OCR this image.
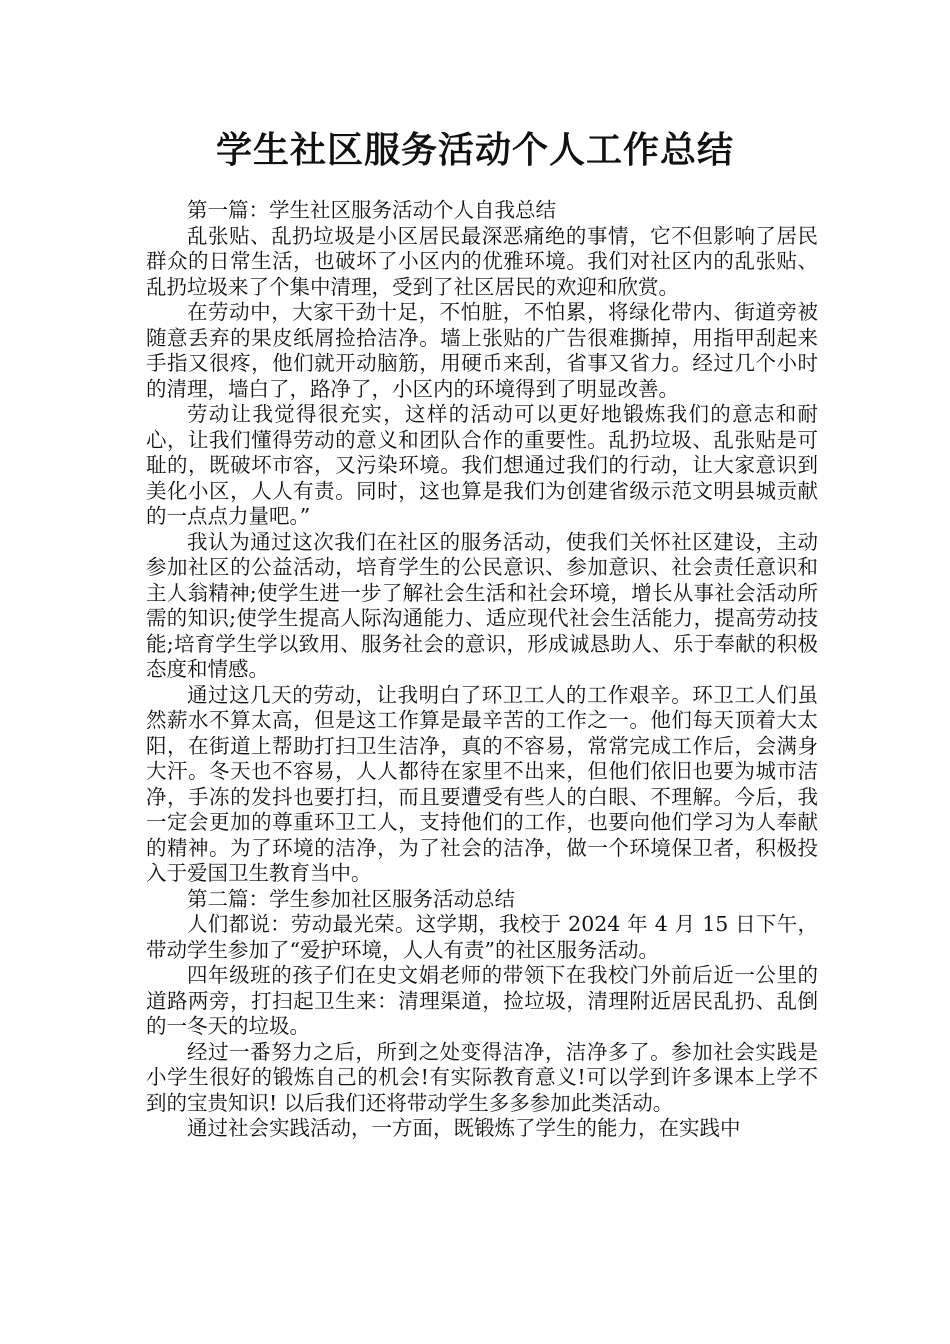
学生社区服务活动个人工作总结

第一篇：学生社区服务活动个人自我总结

乱张贴、乱扔垃圾是小区居民最深恶痛绝的事情，它不但影响了居民群众的日常生活，也破坏了小区内的优雅环境。我们对社区内的乱张贴、乱扔垃圾来了个集中清理，受到了社区居民的欢迎和欣赏。

在劳动中，大家干劲十足，不怕脏，不怕累，将绿化带内、街道旁被随意丢弃的果皮纸屑捡拾洁净。墙上张贴的广告很难撕掉，用指甲刮起来手指又很疼，他们就开动脑筋，用硬币来刮，省事又省力。经过几个小时的清理，墙白了，路净了，小区内的环境得到了明显改善。

劳动让我觉得很充实，这样的活动可以更好地锻炼我们的意志和耐心，让我们懂得劳动的意义和团队合作的重要性。乱扔垃圾、乱张贴是可耻的，既破坏市容，又污染环境。我们想通过我们的行动，让大家意识到美化小区，人人有责。同时，这也算是我们为创建省级示范文明县城贡献的一点点力量吧。”

我认为通过这次我们在社区的服务活动，使我们关怀社区建设，主动参加社区的公益活动，培育学生的公民意识、参加意识、社会责任意识和主人翁精神;使学生进一步了解社会生活和社会环境，增长从事社会活动所需的知识;使学生提高人际沟通能力、适应现代社会生活能力，提高劳动技能;培育学生学以致用、服务社会的意识，形成诚恳助人、乐于奉献的积极态度和情感。

通过这几天的劳动，让我明白了环卫工人的工作艰辛。环卫工人们虽然薪水不算太高，但是这工作算是最辛苦的工作之一。他们每天顶着大太阳，在街道上帮助打扫卫生洁净，真的不容易，常常完成工作后，会满身大汗。冬天也不容易，人人都待在家里不出来，但他们依旧也要为城市洁净，手冻的发抖也要打扫，而且要遭受有些人的白眼、不理解。今后，我一定会更加的尊重环卫工人，支持他们的工作，也要向他们学习为人奉献的精神。为了环境的洁净，为了社会的洁净，做一个环境保卫者，积极投入于爱国卫生教育当中。

第二篇：学生参加社区服务活动总结

人们都说：劳动最光荣。这学期，我校于 2024 年 4 月 15 日下午，带动学生参加了“爱护环境，人人有责”的社区服务活动。

四年级班的孩子们在史文娟老师的带领下在我校门外前后近一公里的道路两旁，打扫起卫生来：清理渠道，捡垃圾，清理附近居民乱扔、乱倒的一冬天的垃圾。

经过一番努力之后，所到之处变得洁净，洁净多了。参加社会实践是小学生很好的锻炼自己的机会!有实际教育意义!可以学到许多课本上学不到的宝贵知识! 以后我们还将带动学生多多参加此类活动。

通过社会实践活动，一方面，既锻炼了学生的能力，在实践中
